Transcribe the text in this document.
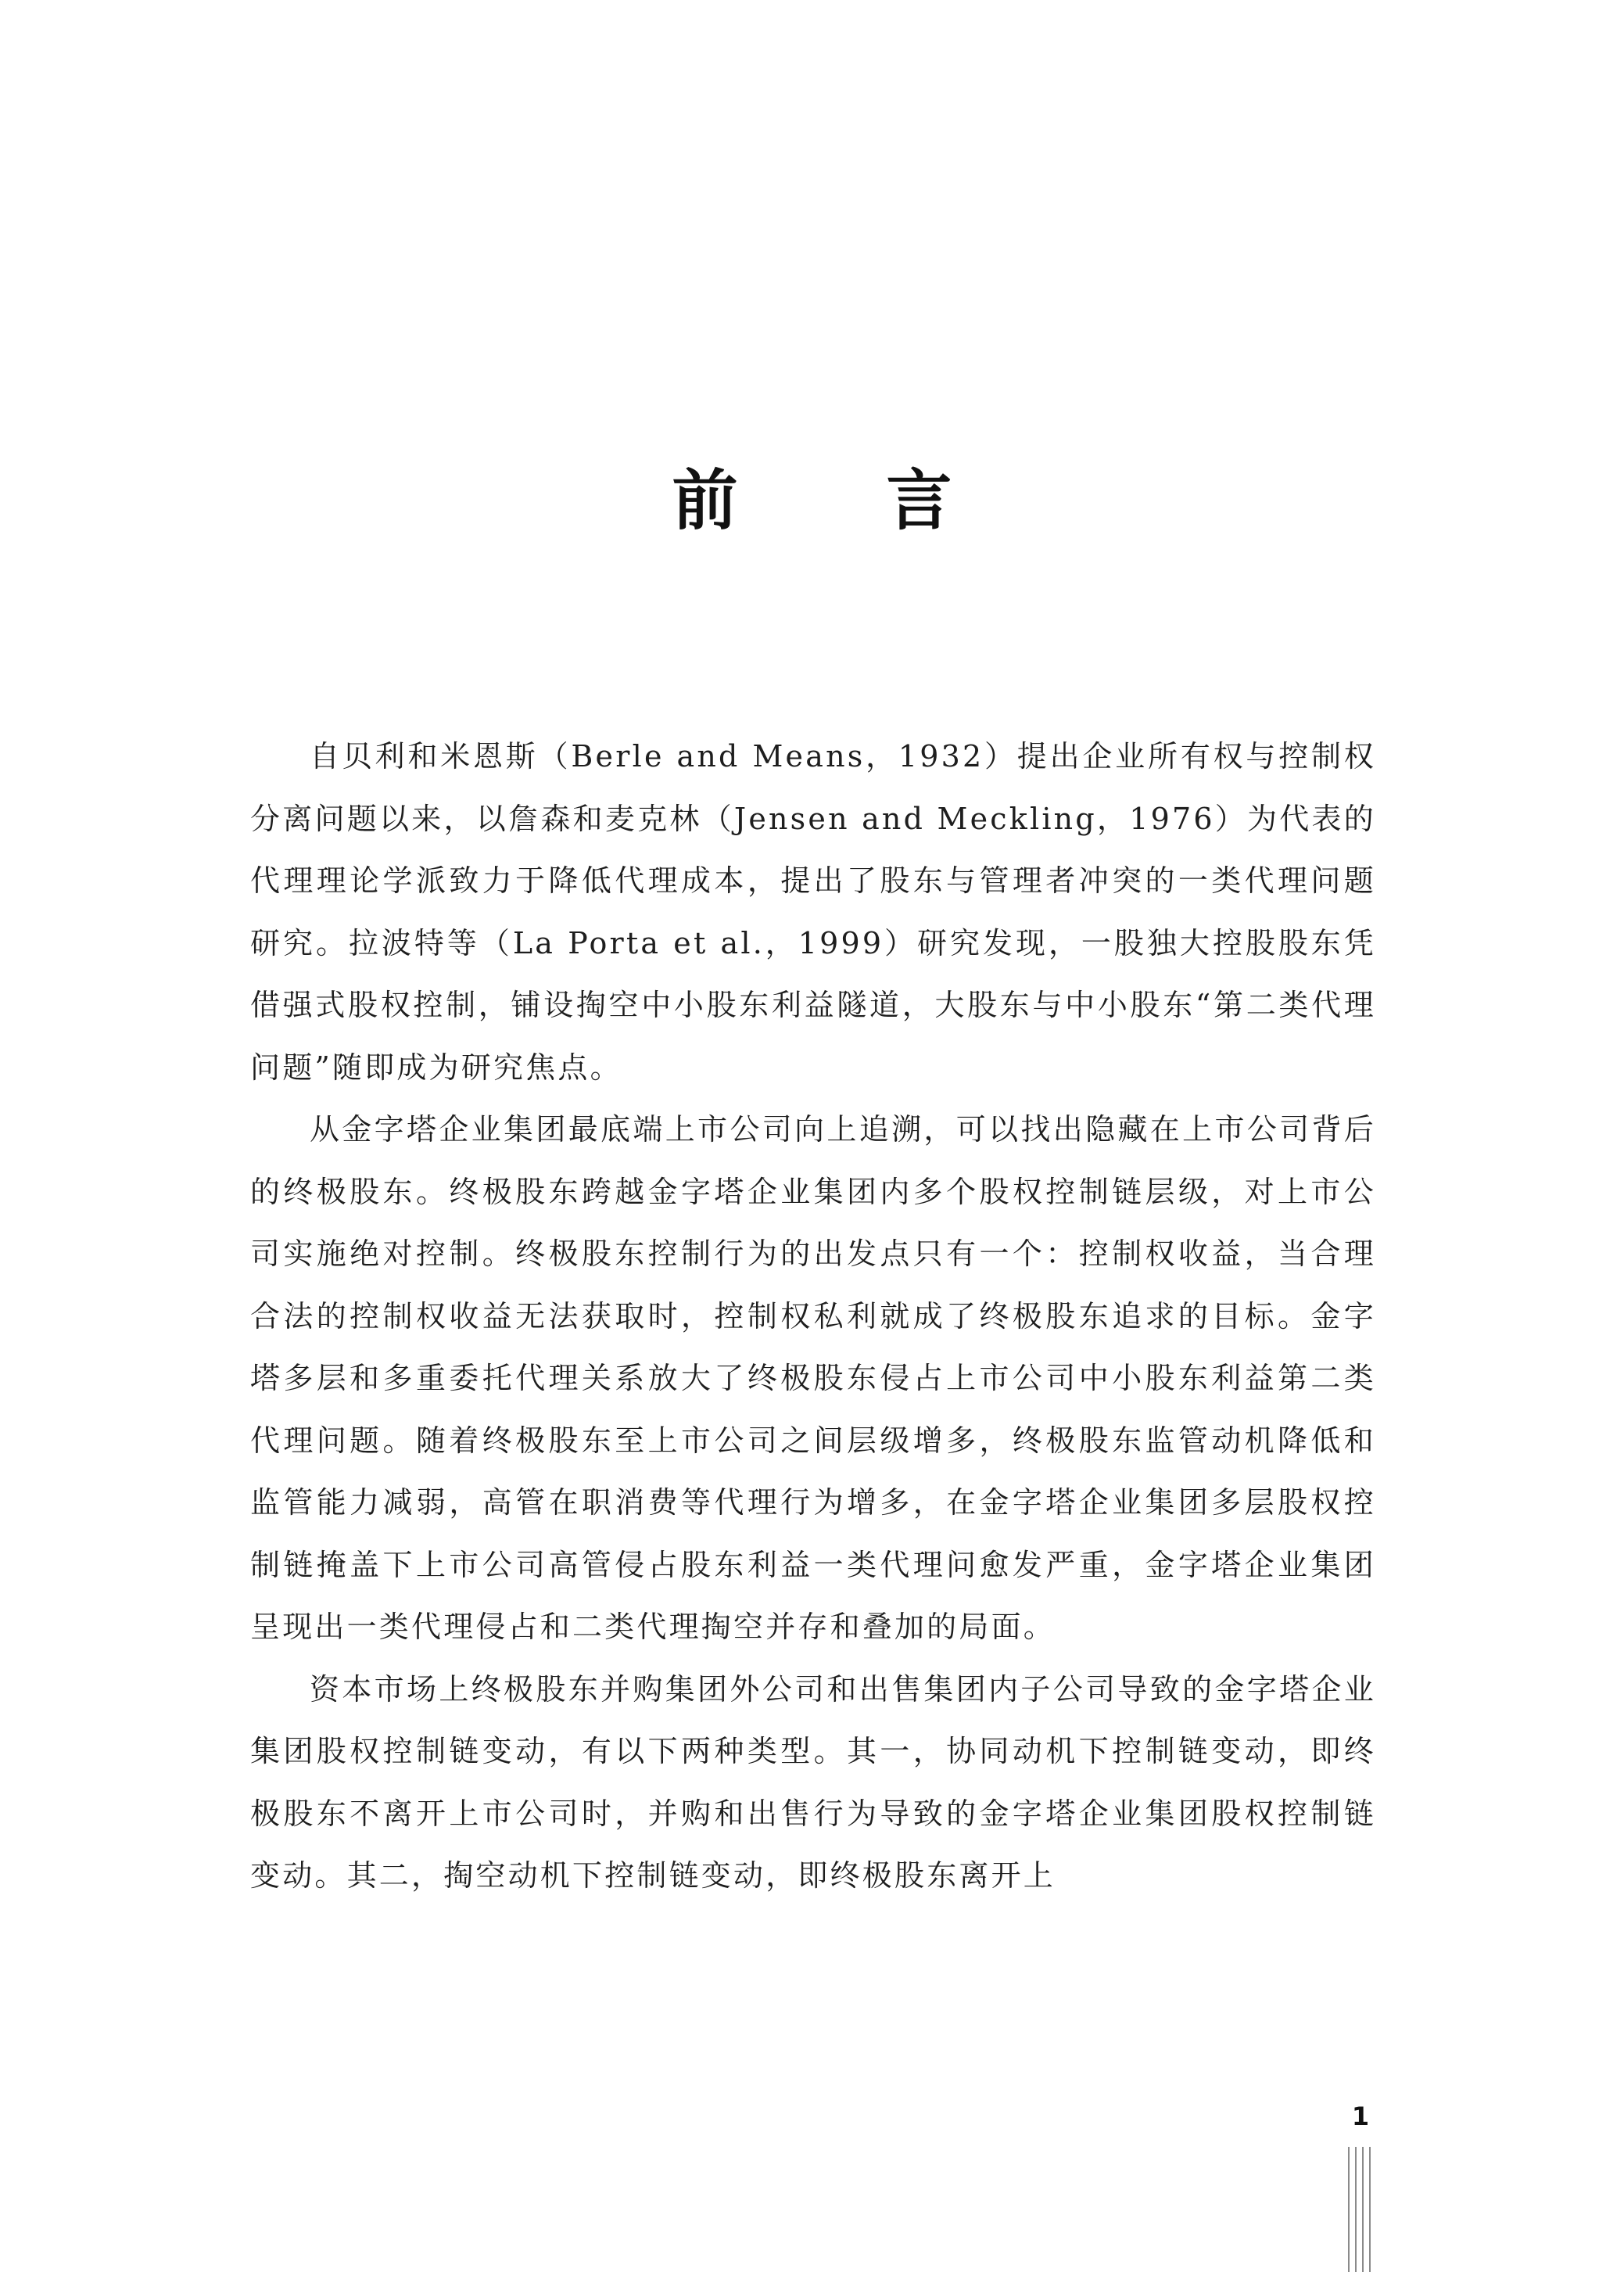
前言

自贝利和米恩斯（Berle and Means，1932）提出企业所有权与控制权分离问题以来，以詹森和麦克林（Jensen and Meckling，1976）为代表的代理理论学派致力于降低代理成本，提出了股东与管理者冲突的一类代理问题研究。拉波特等（La Porta et al.，1999）研究发现，一股独大控股股东凭借强式股权控制，铺设掏空中小股东利益隧道，大股东与中小股东“第二类代理问题”随即成为研究焦点。

从金字塔企业集团最底端上市公司向上追溯，可以找出隐藏在上市公司背后的终极股东。终极股东跨越金字塔企业集团内多个股权控制链层级，对上市公司实施绝对控制。终极股东控制行为的出发点只有一个：控制权收益，当合理合法的控制权收益无法获取时，控制权私利就成了终极股东追求的目标。金字塔多层和多重委托代理关系放大了终极股东侵占上市公司中小股东利益第二类代理问题。随着终极股东至上市公司之间层级增多，终极股东监管动机降低和监管能力减弱，高管在职消费等代理行为增多，在金字塔企业集团多层股权控制链掩盖下上市公司高管侵占股东利益一类代理问愈发严重，金字塔企业集团呈现出一类代理侵占和二类代理掏空并存和叠加的局面。

资本市场上终极股东并购集团外公司和出售集团内子公司导致的金字塔企业集团股权控制链变动，有以下两种类型。其一，协同动机下控制链变动，即终极股东不离开上市公司时，并购和出售行为导致的金字塔企业集团股权控制链变动。其二，掏空动机下控制链变动，即终极股东离开上

1
